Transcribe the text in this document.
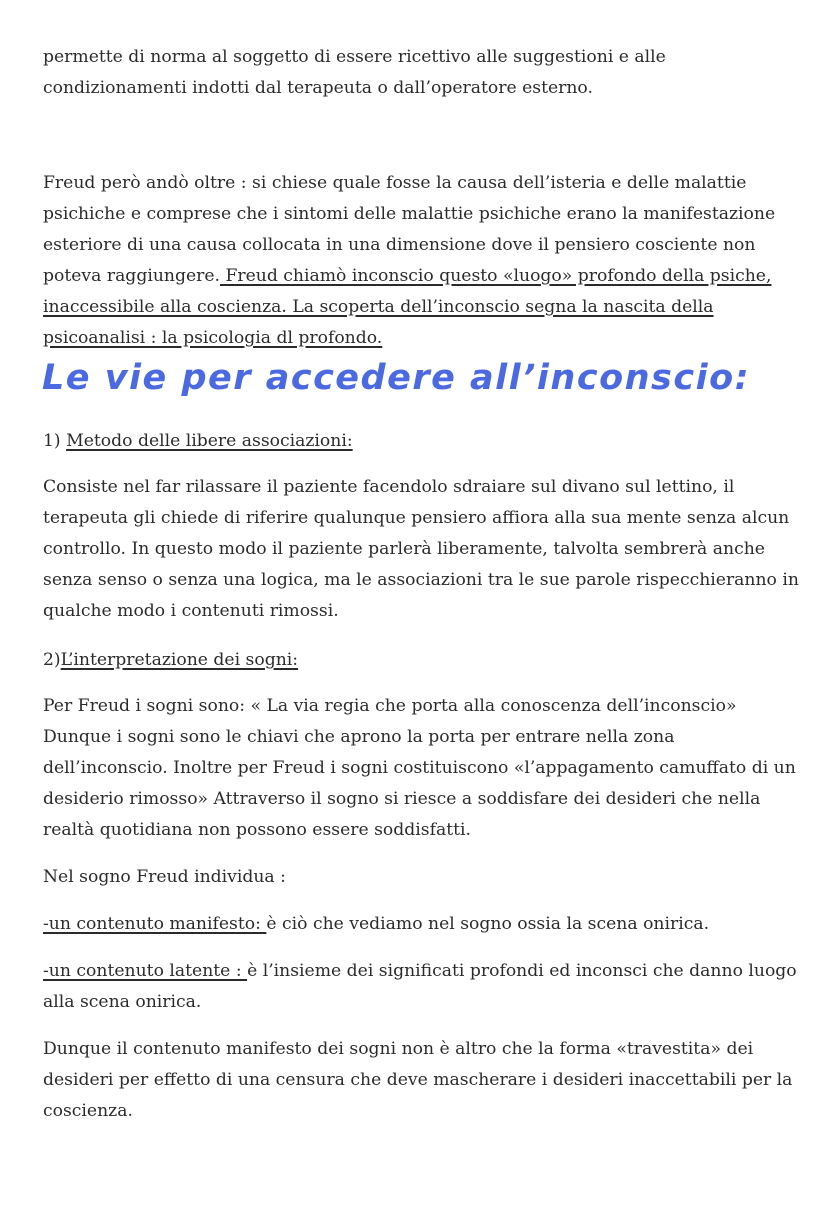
permette di norma al soggetto di essere ricettivo alle suggestioni e alle condizionamenti indotti dal terapeuta o dall’operatore esterno.

Freud però andò oltre : si chiese quale fosse la causa dell’isteria e delle malattie psichiche e comprese che i sintomi delle malattie psichiche erano la manifestazione esteriore di una causa collocata in una dimensione dove il pensiero cosciente non poteva raggiungere. Freud chiamò inconscio questo «luogo» profondo della psiche, inaccessibile alla coscienza. La scoperta dell’inconscio segna la nascita della psicoanalisi : la psicologia dl profondo.

Le vie per accedere all’inconscio:

1) Metodo delle libere associazioni:

Consiste nel far rilassare il paziente facendolo sdraiare sul divano sul lettino, il terapeuta gli chiede di riferire qualunque pensiero affiora alla sua mente senza alcun controllo. In questo modo il paziente parlerà liberamente, talvolta sembrerà anche senza senso o senza una logica, ma le associazioni tra le sue parole rispecchieranno in qualche modo i contenuti rimossi.

2)L’interpretazione dei sogni:

Per Freud i sogni sono: « La via regia che porta alla conoscenza dell’inconscio» Dunque i sogni sono le chiavi che aprono la porta per entrare nella zona dell’inconscio. Inoltre per Freud i sogni costituiscono «l’appagamento camuffato di un desiderio rimosso» Attraverso il sogno si riesce a soddisfare dei desideri che nella realtà quotidiana non possono essere soddisfatti.

Nel sogno Freud individua :

-un contenuto manifesto: è ciò che vediamo nel sogno ossia la scena onirica.

-un contenuto latente : è l’insieme dei significati profondi ed inconsci che danno luogo alla scena onirica.

Dunque il contenuto manifesto dei sogni non è altro che la forma «travestita» dei desideri per effetto di una censura che deve mascherare i desideri inaccettabili per la coscienza.
